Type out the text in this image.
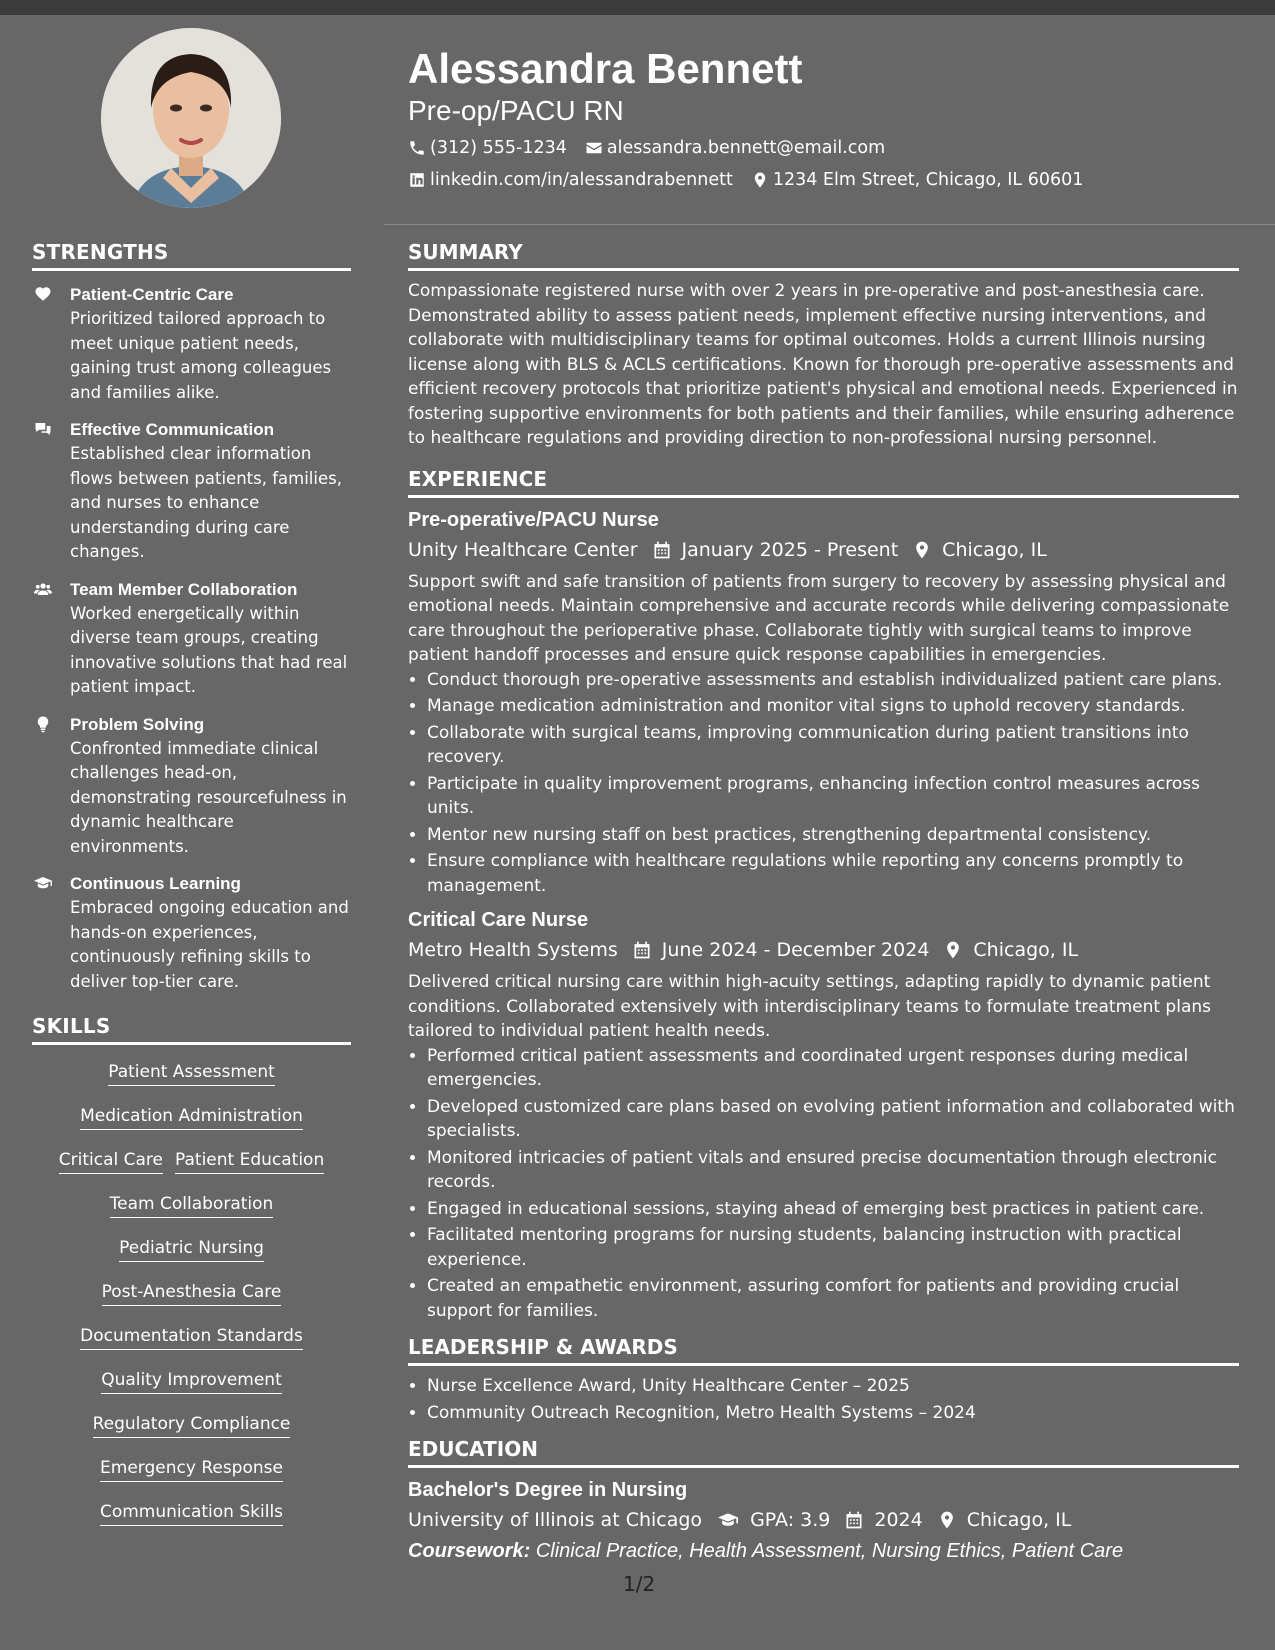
Alessandra Bennett
Pre-op/PACU RN
(312) 555-1234 alessandra.bennett@email.com
linkedin.com/in/alessandrabennett 1234 Elm Street, Chicago, IL 60601
STRENGTHS
Patient-Centric Care
Prioritized tailored approach to meet unique patient needs, gaining trust among colleagues and families alike.
Effective Communication
Established clear information flows between patients, families, and nurses to enhance understanding during care changes.
Team Member Collaboration
Worked energetically within diverse team groups, creating innovative solutions that had real patient impact.
Problem Solving
Confronted immediate clinical challenges head-on, demonstrating resourcefulness in dynamic healthcare environments.
Continuous Learning
Embraced ongoing education and hands-on experiences, continuously refining skills to deliver top-tier care.
SKILLS
Patient Assessment
Medication Administration
Critical Care Patient Education
Team Collaboration
Pediatric Nursing
Post-Anesthesia Care
Documentation Standards
Quality Improvement
Regulatory Compliance
Emergency Response
Communication Skills
SUMMARY

Compassionate registered nurse with over 2 years in pre-operative and post-anesthesia care. Demonstrated ability to assess patient needs, implement effective nursing interventions, and collaborate with multidisciplinary teams for optimal outcomes. Holds a current Illinois nursing license along with BLS & ACLS certifications. Known for thorough pre-operative assessments and efficient recovery protocols that prioritize patient's physical and emotional needs. Experienced in fostering supportive environments for both patients and their families, while ensuring adherence to healthcare regulations and providing direction to non-professional nursing personnel.

EXPERIENCE
Pre-operative/PACU Nurse
Unity Healthcare Center January 2025 - Present Chicago, IL

Support swift and safe transition of patients from surgery to recovery by assessing physical and emotional needs. Maintain comprehensive and accurate records while delivering compassionate care throughout the perioperative phase. Collaborate tightly with surgical teams to improve patient handoff processes and ensure quick response capabilities in emergencies.

• Conduct thorough pre-operative assessments and establish individualized patient care plans.
• Manage medication administration and monitor vital signs to uphold recovery standards.
• Collaborate with surgical teams, improving communication during patient transitions into recovery.
• Participate in quality improvement programs, enhancing infection control measures across units.
• Mentor new nursing staff on best practices, strengthening departmental consistency.
• Ensure compliance with healthcare regulations while reporting any concerns promptly to management.
Critical Care Nurse
Metro Health Systems June 2024 - December 2024 Chicago, IL

Delivered critical nursing care within high-acuity settings, adapting rapidly to dynamic patient conditions. Collaborated extensively with interdisciplinary teams to formulate treatment plans tailored to individual patient health needs.

• Performed critical patient assessments and coordinated urgent responses during medical emergencies.
• Developed customized care plans based on evolving patient information and collaborated with specialists.
• Monitored intricacies of patient vitals and ensured precise documentation through electronic records.
• Engaged in educational sessions, staying ahead of emerging best practices in patient care.
• Facilitated mentoring programs for nursing students, balancing instruction with practical experience.
• Created an empathetic environment, assuring comfort for patients and providing crucial support for families.
LEADERSHIP & AWARDS
• Nurse Excellence Award, Unity Healthcare Center – 2025
• Community Outreach Recognition, Metro Health Systems – 2024
EDUCATION
Bachelor's Degree in Nursing
University of Illinois at Chicago	GPA: 3.9 2024 Chicago, IL
Coursework: Clinical Practice, Health Assessment, Nursing Ethics, Patient Care
1/2
